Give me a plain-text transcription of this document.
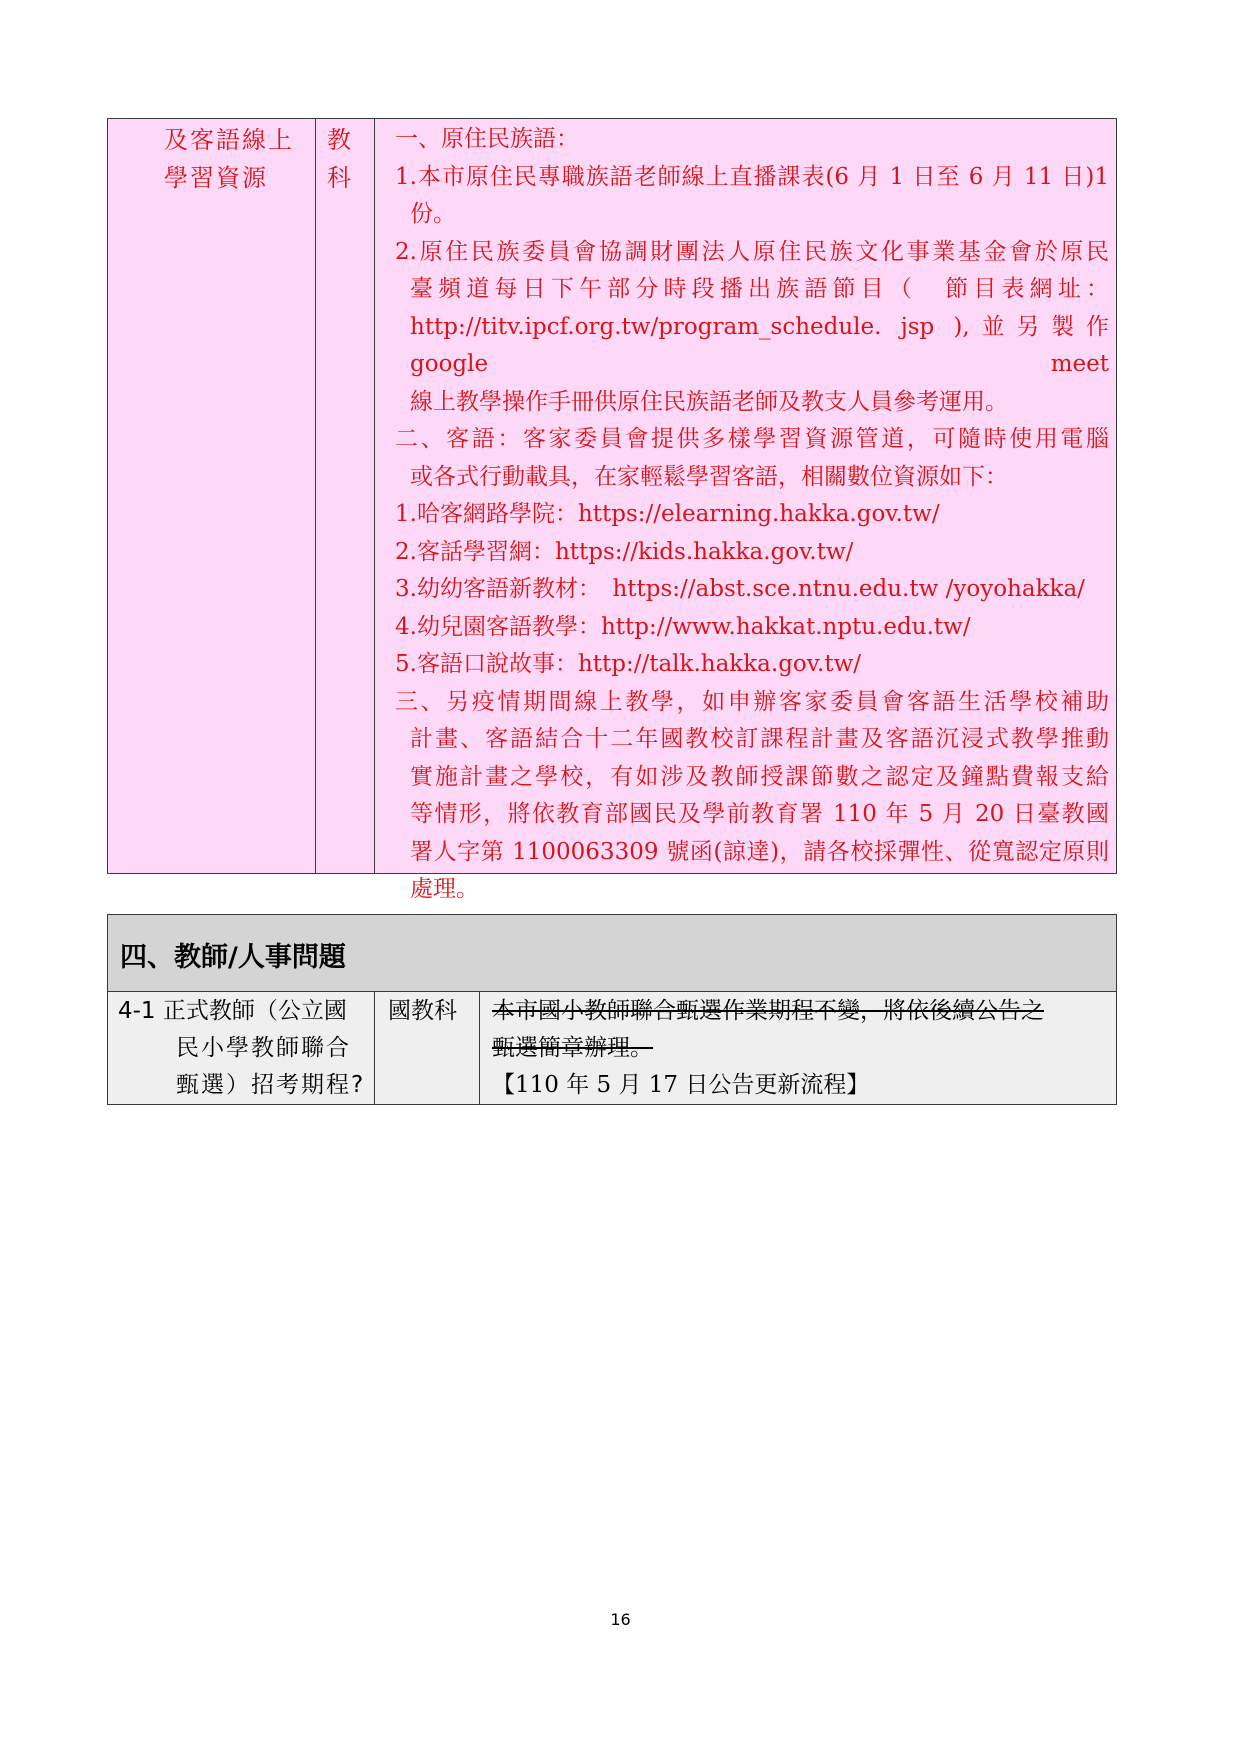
及客語線上
學習資源
教
科
一、原住民族語：
1.本市原住民專職族語老師線上直播課表(6 月 1 日至 6 月 11 日)1
份。
2.原住民族委員會協調財團法人原住民族文化事業基金會於原民
臺頻道每日下午部分時段播出族語節目（　節目表網址：
http://titv.ipcf.org.tw/program_schedule. jsp ),並另製作 google meet
線上教學操作手冊供原住民族語老師及教支人員參考運用。
二、客語：客家委員會提供多樣學習資源管道，可隨時使用電腦
或各式行動載具，在家輕鬆學習客語，相關數位資源如下：
1.哈客網路學院：https://elearning.hakka.gov.tw/
2.客話學習網：https://kids.hakka.gov.tw/
3.幼幼客語新教材：　https://abst.sce.ntnu.edu.tw /yoyohakka/
4.幼兒園客語教學：http://www.hakkat.nptu.edu.tw/
5.客語口說故事：http://talk.hakka.gov.tw/
三、另疫情期間線上教學，如申辦客家委員會客語生活學校補助
計畫、客語結合十二年國教校訂課程計畫及客語沉浸式教學推動
實施計畫之學校，有如涉及教師授課節數之認定及鐘點費報支給
等情形，將依教育部國民及學前教育署 110 年 5 月 20 日臺教國
署人字第 1100063309 號函(諒達)，請各校採彈性、從寬認定原則
處理。
四、教師/人事問題
4-1 正式教師（公立國
民小學教師聯合
甄選）招考期程?
國教科	本市國小教師聯合甄選作業期程不變，將依後續公告之
甄選簡章辦理。
【110 年 5 月 17 日公告更新流程】
16
